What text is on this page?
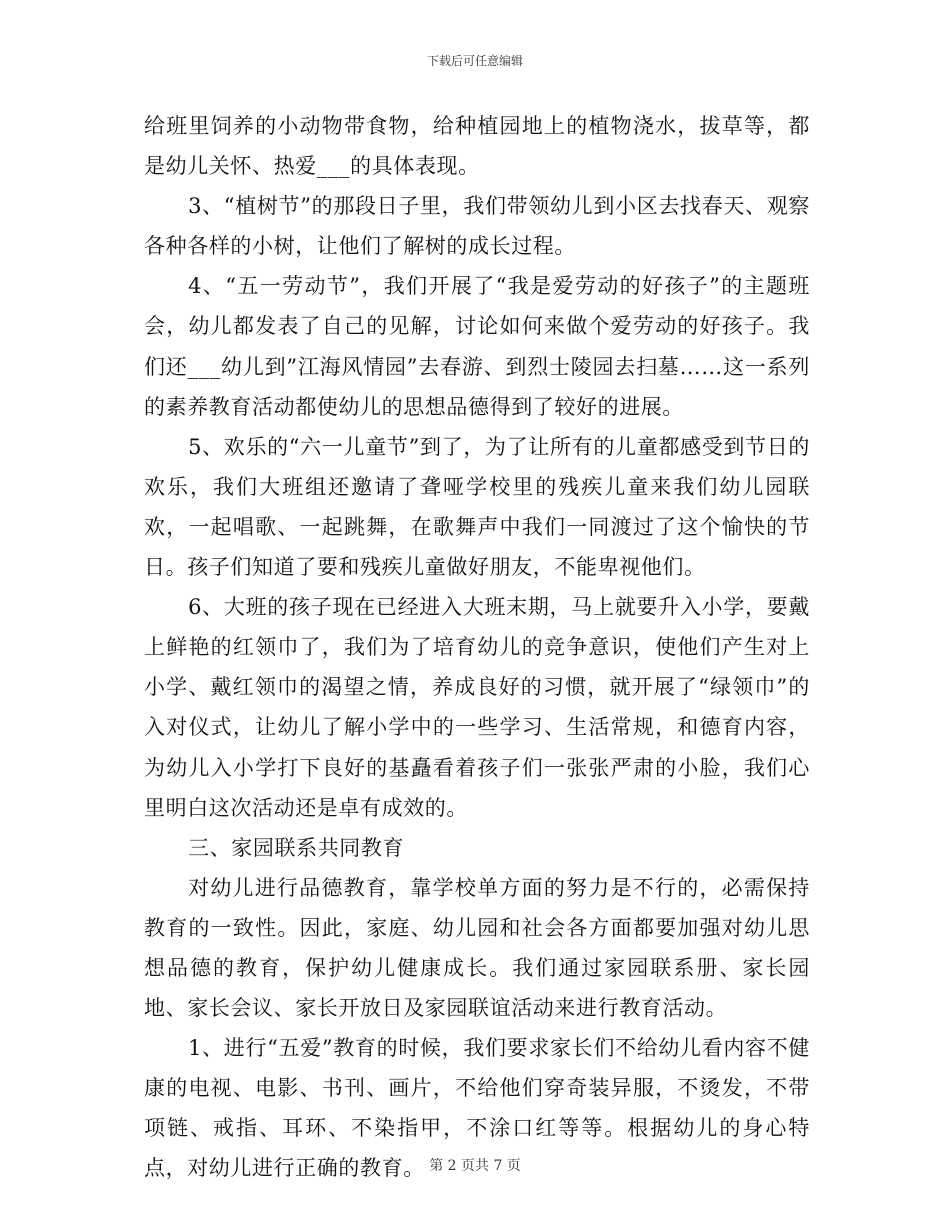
下载后可任意编辑

给班里饲养的小动物带食物，给种植园地上的植物浇水，拔草等，都是幼儿关怀、热爱___的具体表现。

3、“植树节”的那段日子里，我们带领幼儿到小区去找春天、观察各种各样的小树，让他们了解树的成长过程。

4、“五一劳动节”，我们开展了“我是爱劳动的好孩子”的主题班会，幼儿都发表了自己的见解，讨论如何来做个爱劳动的好孩子。我们还___幼儿到”江海风情园”去春游、到烈士陵园去扫墓……这一系列的素养教育活动都使幼儿的思想品德得到了较好的进展。

5、欢乐的“六一儿童节”到了，为了让所有的儿童都感受到节日的欢乐，我们大班组还邀请了聋哑学校里的残疾儿童来我们幼儿园联欢，一起唱歌、一起跳舞，在歌舞声中我们一同渡过了这个愉快的节日。孩子们知道了要和残疾儿童做好朋友，不能卑视他们。

6、大班的孩子现在已经进入大班末期，马上就要升入小学，要戴上鲜艳的红领巾了，我们为了培育幼儿的竞争意识，使他们产生对上小学、戴红领巾的渴望之情，养成良好的习惯，就开展了“绿领巾”的入对仪式，让幼儿了解小学中的一些学习、生活常规，和德育内容，为幼儿入小学打下良好的基矗看着孩子们一张张严肃的小脸，我们心里明白这次活动还是卓有成效的。

三、家园联系共同教育

对幼儿进行品德教育，靠学校单方面的努力是不行的，必需保持教育的一致性。因此，家庭、幼儿园和社会各方面都要加强对幼儿思想品德的教育，保护幼儿健康成长。我们通过家园联系册、家长园地、家长会议、家长开放日及家园联谊活动来进行教育活动。

1、进行“五爱”教育的时候，我们要求家长们不给幼儿看内容不健康的电视、电影、书刊、画片，不给他们穿奇装异服，不烫发，不带项链、戒指、耳环、不染指甲，不涂口红等等。根据幼儿的身心特点，对幼儿进行正确的教育。 第 2 页共 7 页
